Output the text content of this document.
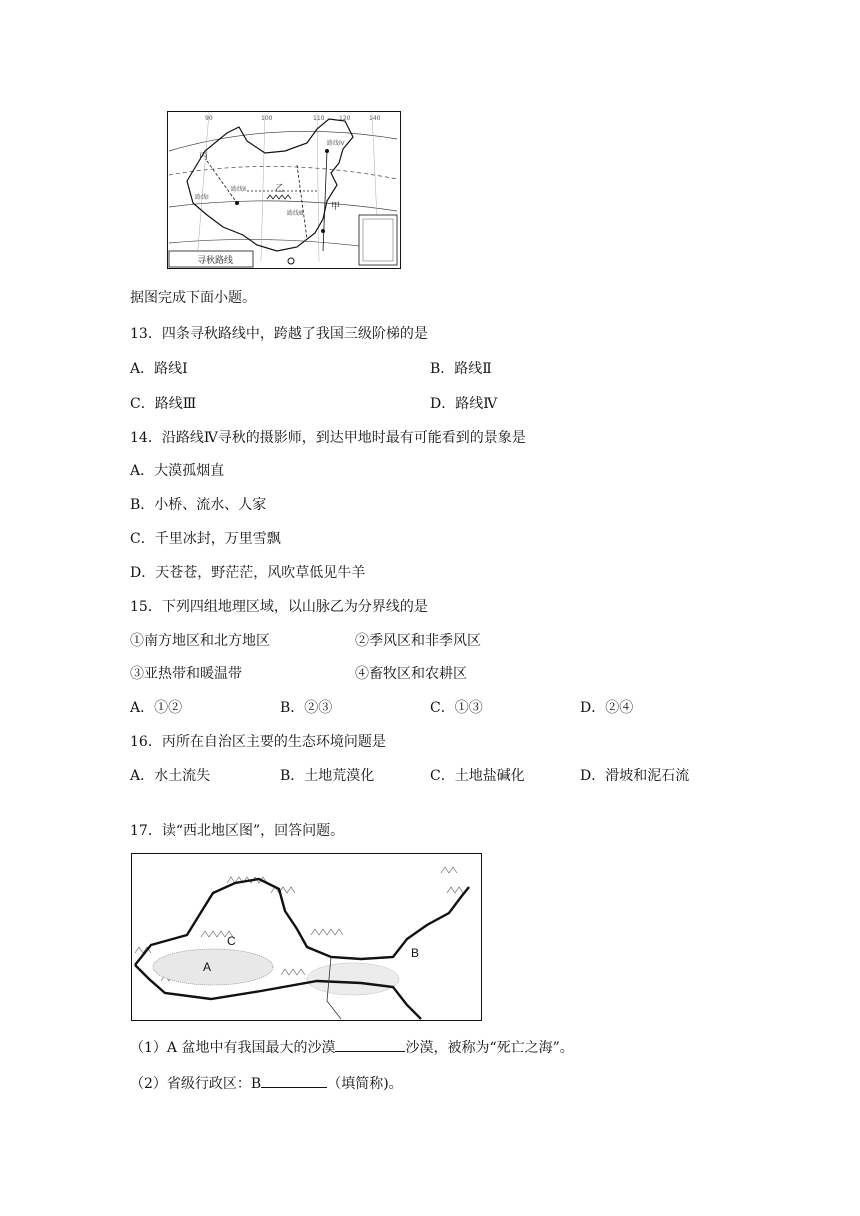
90	100	110 120	140
丙
乙
甲
路线Ⅰ
路线Ⅱ
路线Ⅲ
路线Ⅳ
寻秋路线
据图完成下面小题。
13．四条寻秋路线中，跨越了我国三级阶梯的是
A．路线Ⅰ	B．路线Ⅱ
C．路线Ⅲ	D．路线Ⅳ
14．沿路线Ⅳ寻秋的摄影师，到达甲地时最有可能看到的景象是
A．大漠孤烟直
B．小桥、流水、人家
C．千里冰封，万里雪飘
D．天苍苍，野茫茫，风吹草低见牛羊
15．下列四组地理区域，以山脉乙为分界线的是
①南方地区和北方地区	②季风区和非季风区
③亚热带和暖温带	④畜牧区和农耕区
A．①②	B．②③	C．①③	D．②④
16．丙所在自治区主要的生态环境问题是
A．水土流失	B．土地荒漠化	C．土地盐碱化	D．滑坡和泥石流
17．读“西北地区图”，回答问题。
A
B
C
（1）A 盆地中有我国最大的沙漠	沙漠，被称为“死亡之海”。
（2）省级行政区：B	（填简称)。
